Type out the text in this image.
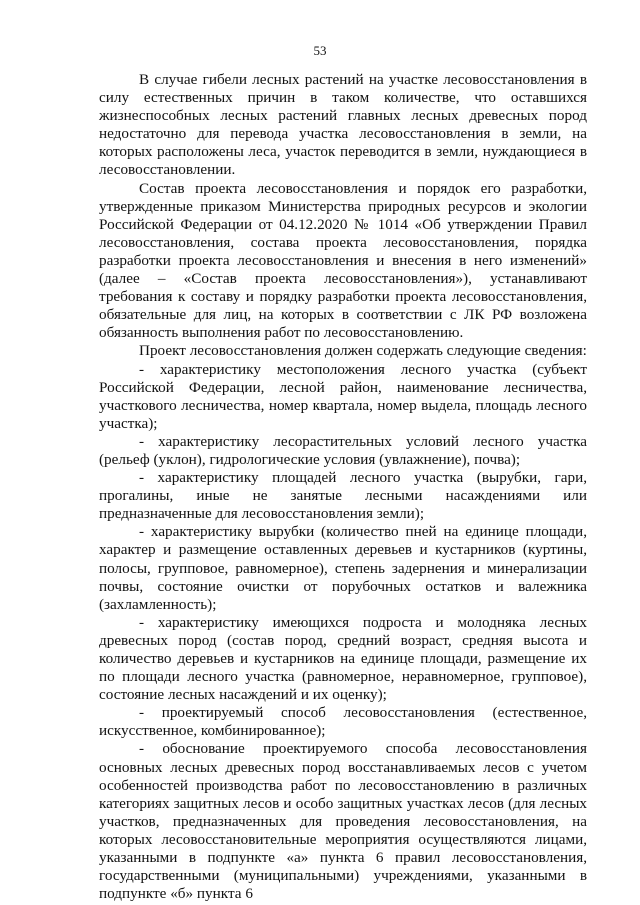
53

В случае гибели лесных растений на участке лесовосстановления в силу естественных причин в таком количестве, что оставшихся жизнеспособных лесных растений главных лесных древесных пород недостаточно для перевода участка лесовосстановления в земли, на которых расположены леса, участок переводится в земли, нуждающиеся в лесовосстановлении.

Состав проекта лесовосстановления и порядок его разработки, утвержденные приказом Министерства природных ресурсов и экологии Российской Федерации от 04.12.2020 № 1014 «Об утверждении Правил лесовосстановления, состава проекта лесовосстановления, порядка разработки проекта лесовосстановления и внесения в него изменений» (далее – «Состав проекта лесовосстановления»), устанавливают требования к составу и порядку разработки проекта лесовосстановления, обязательные для лиц, на которых в соответствии с ЛК РФ возложена обязанность выполнения работ по лесовосстановлению.

Проект лесовосстановления должен содержать следующие сведения:

- характеристику местоположения лесного участка (субъект Российской Федерации, лесной район, наименование лесничества, участкового лесничества, номер квартала, номер выдела, площадь лесного участка);

- характеристику лесорастительных условий лесного участка (рельеф (уклон), гидрологические условия (увлажнение), почва);

- характеристику площадей лесного участка (вырубки, гари, прогалины, иные не занятые лесными насаждениями или предназначенные для лесовосстановления земли);

- характеристику вырубки (количество пней на единице площади, характер и размещение оставленных деревьев и кустарников (куртины, полосы, групповое, равномерное), степень задернения и минерализации почвы, состояние очистки от порубочных остатков и валежника (захламленность);

- характеристику имеющихся подроста и молодняка лесных древесных пород (состав пород, средний возраст, средняя высота и количество деревьев и кустарников на единице площади, размещение их по площади лесного участка (равномерное, неравномерное, групповое), состояние лесных насаждений и их оценку);

- проектируемый способ лесовосстановления (естественное, искусственное, комбинированное);

- обоснование проектируемого способа лесовосстановления основных лесных древесных пород восстанавливаемых лесов с учетом особенностей производства работ по лесовосстановлению в различных категориях защитных лесов и особо защитных участках лесов (для лесных участков, предназначенных для проведения лесовосстановления, на которых лесовосстановительные мероприятия осуществляются лицами, указанными в подпункте «а» пункта 6 правил лесовосстановления, государственными (муниципальными) учреждениями, указанными в подпункте «б» пункта 6
